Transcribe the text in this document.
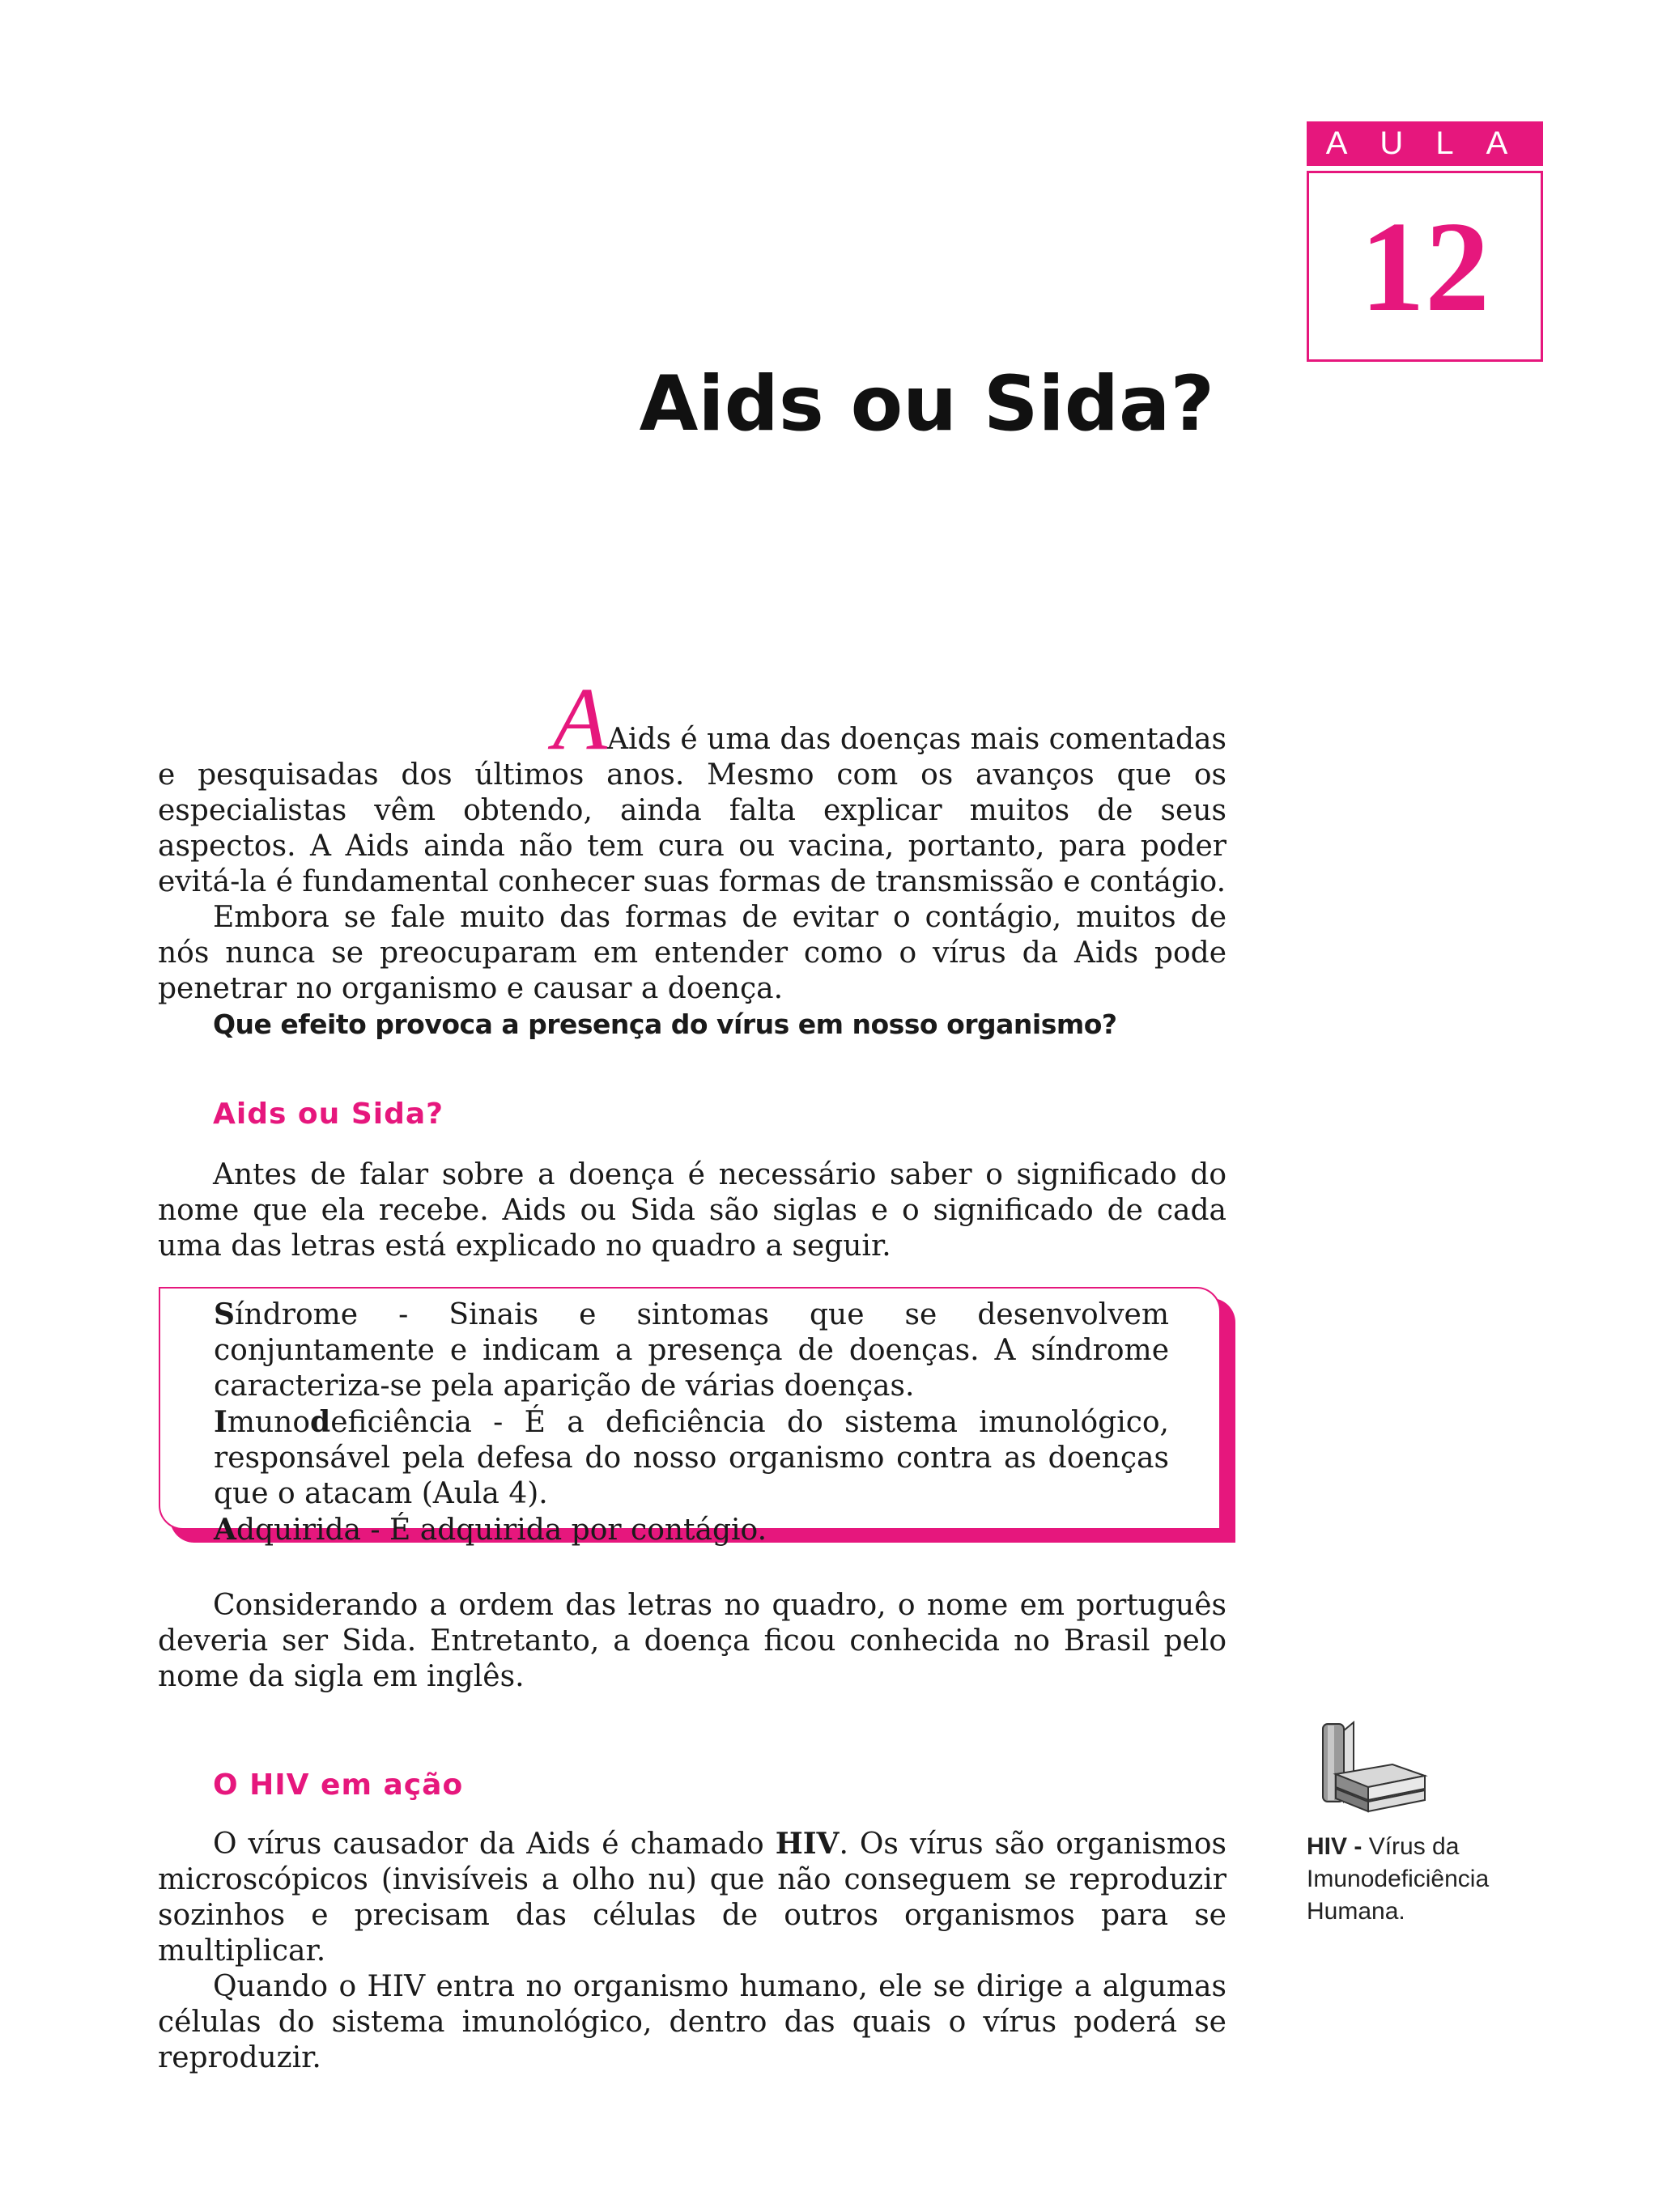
AULA
12
Aids ou Sida?

AAids é uma das doenças mais comentadas

e pesquisadas dos últimos anos. Mesmo com os avanços que os especialistas vêm obtendo, ainda falta explicar muitos de seus aspectos. A Aids ainda não tem cura ou vacina, portanto, para poder evitá-la é fundamental conhecer suas formas de transmissão e contágio.

Embora se fale muito das formas de evitar o contágio, muitos de nós nunca se preocuparam em entender como o vírus da Aids pode penetrar no organismo e causar a doença.

Que efeito provoca a presença do vírus em nosso organismo?

Aids ou Sida?

Antes de falar sobre a doença é necessário saber o significado do nome que ela recebe. Aids ou Sida são siglas e o significado de cada uma das letras está explicado no quadro a seguir.

Síndrome - Sinais e sintomas que se desenvolvem conjuntamente e indicam a presença de doenças. A síndrome caracteriza-se pela aparição de várias doenças.

Imunodeficiência - É a deficiência do sistema imunológico, responsável pela defesa do nosso organismo contra as doenças que o atacam (Aula 4).

Adquirida - É adquirida por contágio.

Considerando a ordem das letras no quadro, o nome em português deveria ser Sida. Entretanto, a doença ficou conhecida no Brasil pelo nome da sigla em inglês.

O HIV em ação

O vírus causador da Aids é chamado HIV. Os vírus são organismos microscópicos (invisíveis a olho nu) que não conseguem se reproduzir sozinhos e precisam das células de outros organismos para se multiplicar.

Quando o HIV entra no organismo humano, ele se dirige a algumas células do sistema imunológico, dentro das quais o vírus poderá se reproduzir.

HIV - Vírus da Imunodeficiência Humana.
